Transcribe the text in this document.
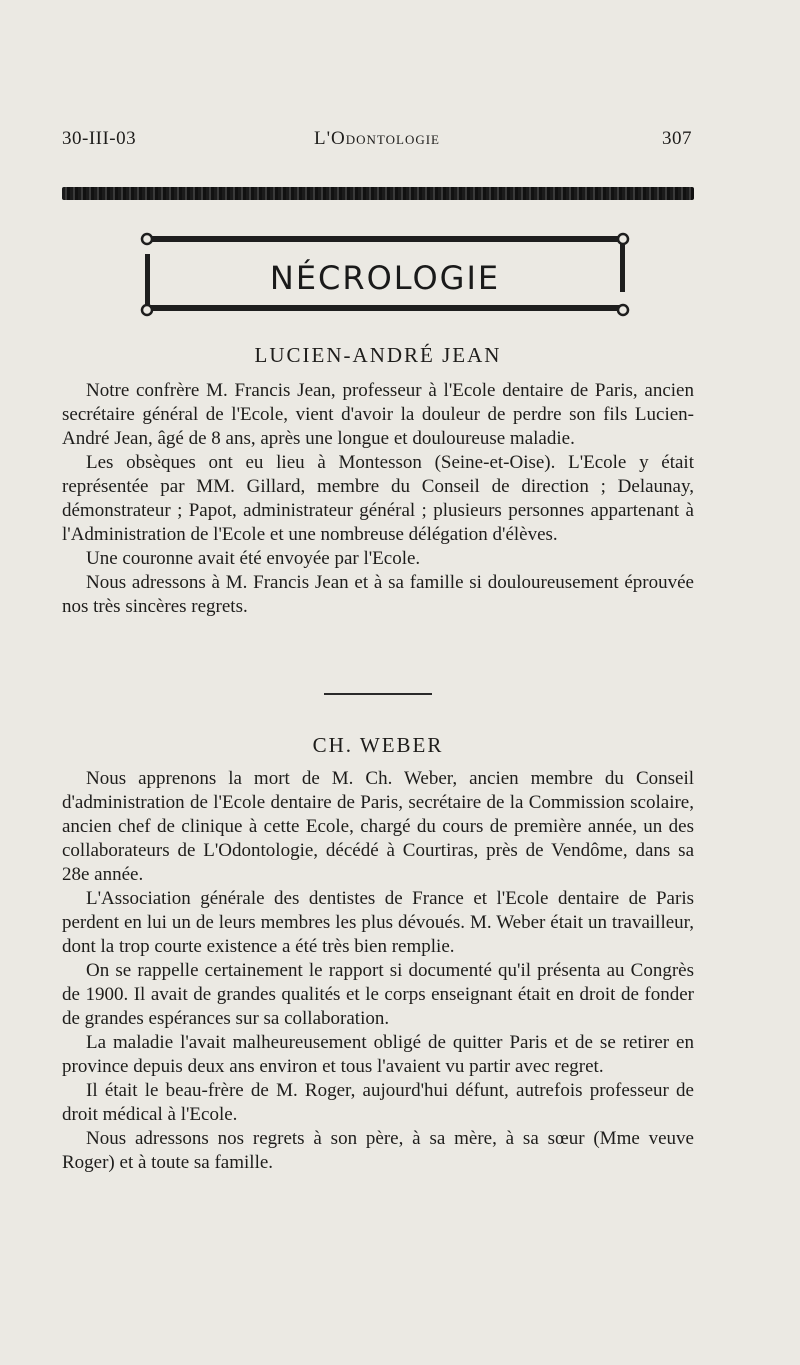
30-III-03	L'Odontologie	307
NÉCROLOGIE
LUCIEN-ANDRÉ JEAN

Notre confrère M. Francis Jean, professeur à l'Ecole dentaire de Paris, ancien secrétaire général de l'Ecole, vient d'avoir la douleur de perdre son fils Lucien-André Jean, âgé de 8 ans, après une longue et douloureuse maladie.

Les obsèques ont eu lieu à Montesson (Seine-et-Oise). L'Ecole y était représentée par MM. Gillard, membre du Conseil de direction ; Delaunay, démonstrateur ; Papot, administrateur général ; plusieurs personnes appartenant à l'Administration de l'Ecole et une nombreuse délégation d'élèves.

Une couronne avait été envoyée par l'Ecole.

Nous adressons à M. Francis Jean et à sa famille si douloureusement éprouvée nos très sincères regrets.

CH. WEBER

Nous apprenons la mort de M. Ch. Weber, ancien membre du Conseil d'administration de l'Ecole dentaire de Paris, secrétaire de la Commission scolaire, ancien chef de clinique à cette Ecole, chargé du cours de première année, un des collaborateurs de L'Odontologie, décédé à Courtiras, près de Vendôme, dans sa 28e année.

L'Association générale des dentistes de France et l'Ecole dentaire de Paris perdent en lui un de leurs membres les plus dévoués. M. Weber était un travailleur, dont la trop courte existence a été très bien remplie.

On se rappelle certainement le rapport si documenté qu'il présenta au Congrès de 1900. Il avait de grandes qualités et le corps enseignant était en droit de fonder de grandes espérances sur sa collaboration.

La maladie l'avait malheureusement obligé de quitter Paris et de se retirer en province depuis deux ans environ et tous l'avaient vu partir avec regret.

Il était le beau-frère de M. Roger, aujourd'hui défunt, autrefois professeur de droit médical à l'Ecole.

Nous adressons nos regrets à son père, à sa mère, à sa sœur (Mme veuve Roger) et à toute sa famille.
